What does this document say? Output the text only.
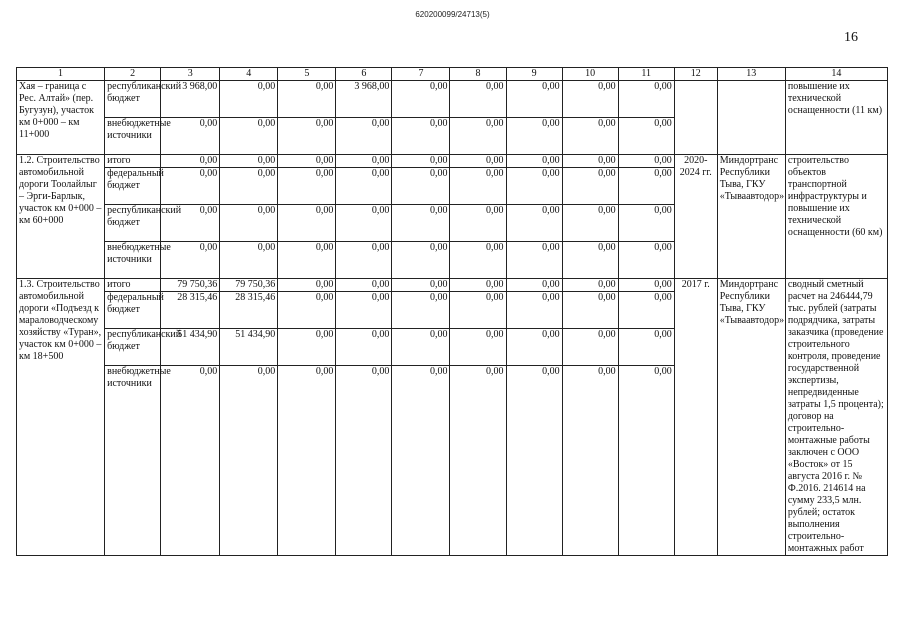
620200099/24713(5)
16
1	2	3	4	5	6	7	8	9	10	11	12	13	14
Хая – граница с Рес. Алтай» (пер. Бугузун), участок км 0+000 – км 11+000	республиканский бюджет	3 968,00	0,00	0,00	3 968,00	0,00	0,00	0,00	0,00	0,00			повышение их технической оснащенности (11 км)
	внебюджетные источники	0,00	0,00	0,00	0,00	0,00	0,00	0,00	0,00	0,00			
1.2. Строительство автомобильной дороги Тоолайлыг – Эрги-Барлык, участок км 0+000 – км 60+000	итого	0,00	0,00	0,00	0,00	0,00	0,00	0,00	0,00	0,00	2020-2024 гг.	Миндортранс Республики Тыва, ГКУ «Тываавтодор»	строительство объектов транспортной инфраструктуры и повышение их технической оснащенности (60 км)
	федеральный бюджет	0,00	0,00	0,00	0,00	0,00	0,00	0,00	0,00	0,00			
	республиканский бюджет	0,00	0,00	0,00	0,00	0,00	0,00	0,00	0,00	0,00			
	внебюджетные источники	0,00	0,00	0,00	0,00	0,00	0,00	0,00	0,00	0,00			
1.3. Строительство автомобильной дороги «Подъезд к мараловодческому хозяйству «Туран», участок км 0+000 – км 18+500	итого	79 750,36	79 750,36	0,00	0,00	0,00	0,00	0,00	0,00	0,00	2017 г.	Миндортранс Республики Тыва, ГКУ «Тываавтодор»	сводный сметный расчет на 246444,79 тыс. рублей (затраты подрядчика, затраты заказчика (проведение строительного контроля, проведение государственной экспертизы, непредвиденные затраты 1,5 процента); договор на строительно-монтажные работы заключен с ООО «Восток» от 15 августа 2016 г. № Ф.2016. 214614 на сумму 233,5 млн. рублей; остаток выполнения строительно-монтажных работ
	федеральный бюджет	28 315,46	28 315,46	0,00	0,00	0,00	0,00	0,00	0,00	0,00			
	республиканский бюджет	51 434,90	51 434,90	0,00	0,00	0,00	0,00	0,00	0,00	0,00			
	внебюджетные источники	0,00	0,00	0,00	0,00	0,00	0,00	0,00	0,00	0,00			
